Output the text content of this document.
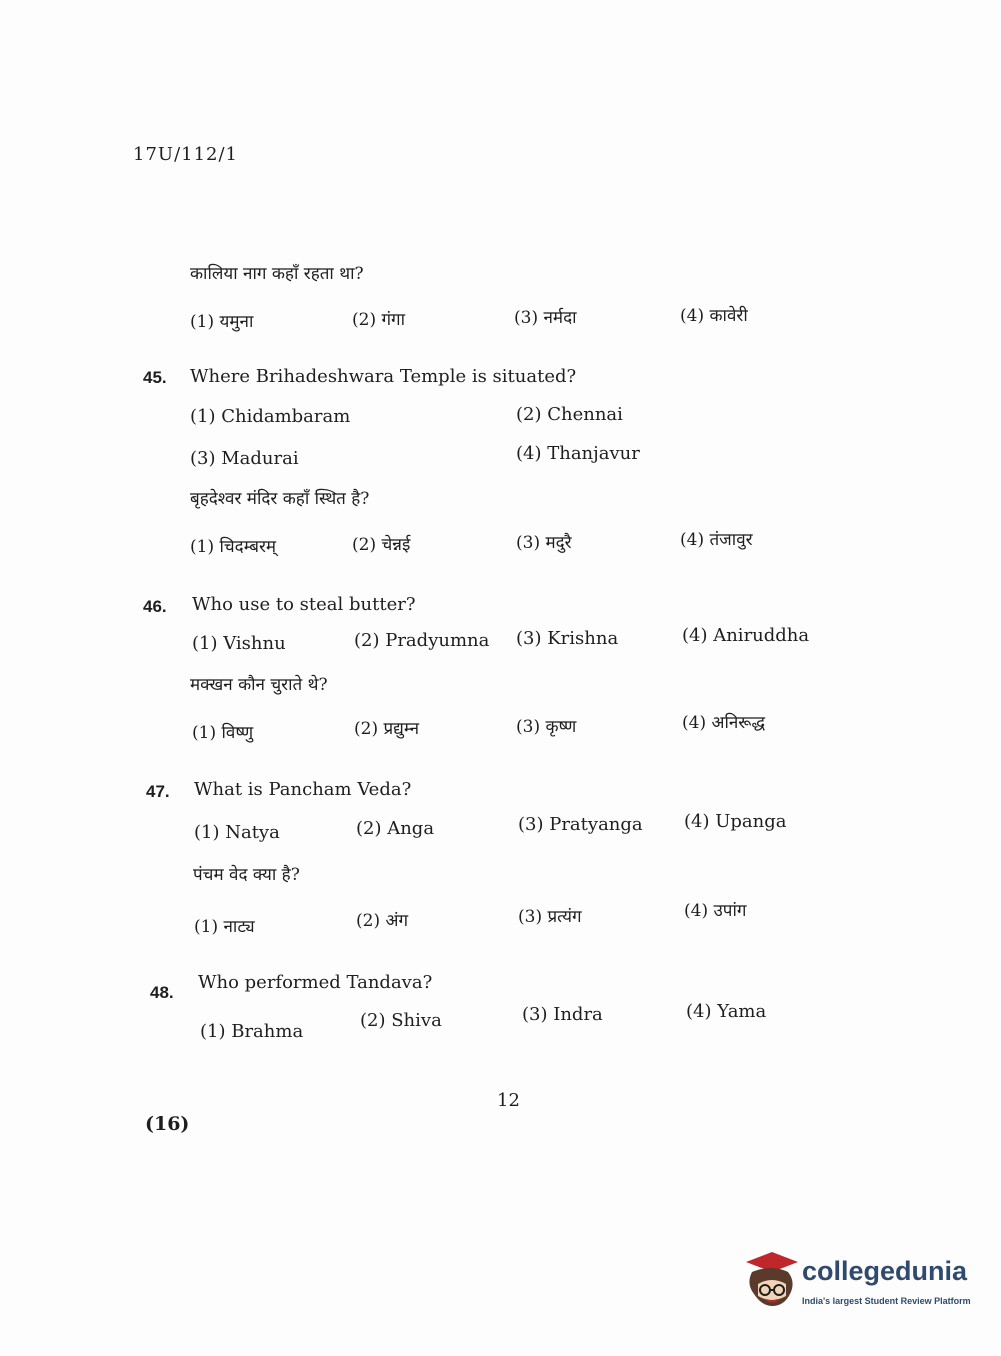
17U/112/1
कालिया नाग कहाँ रहता था?
(1) यमुना	(2) गंगा	(3) नर्मदा	(4) कावेरी
45. Where Brihadeshwara Temple is situated?
(1) Chidambaram	(2) Chennai
(3) Madurai	(4) Thanjavur
बृहदेश्वर मंदिर कहाँ स्थित है?
(1) चिदम्बरम्	(2) चेन्नई	(3) मदुरै	(4) तंजावुर
46. Who use to steal butter?
(1) Vishnu	(2) Pradyumna (3) Krishna	(4) Aniruddha
मक्खन कौन चुराते थे?
(1) विष्णु	(2) प्रद्युम्न	(3) कृष्ण	(4) अनिरूद्ध
47. What is Pancham Veda?
(1) Natya	(2) Anga	(3) Pratyanga (4) Upanga
पंचम वेद क्या है?
(1) नाट्य	(2) अंग	(3) प्रत्यंग	(4) उपांग
48. Who performed Tandava?
(1) Brahma
(2) Shiva	(3) Indra	(4) Yama
12
(16)
collegedunia
India's largest Student Review Platform
